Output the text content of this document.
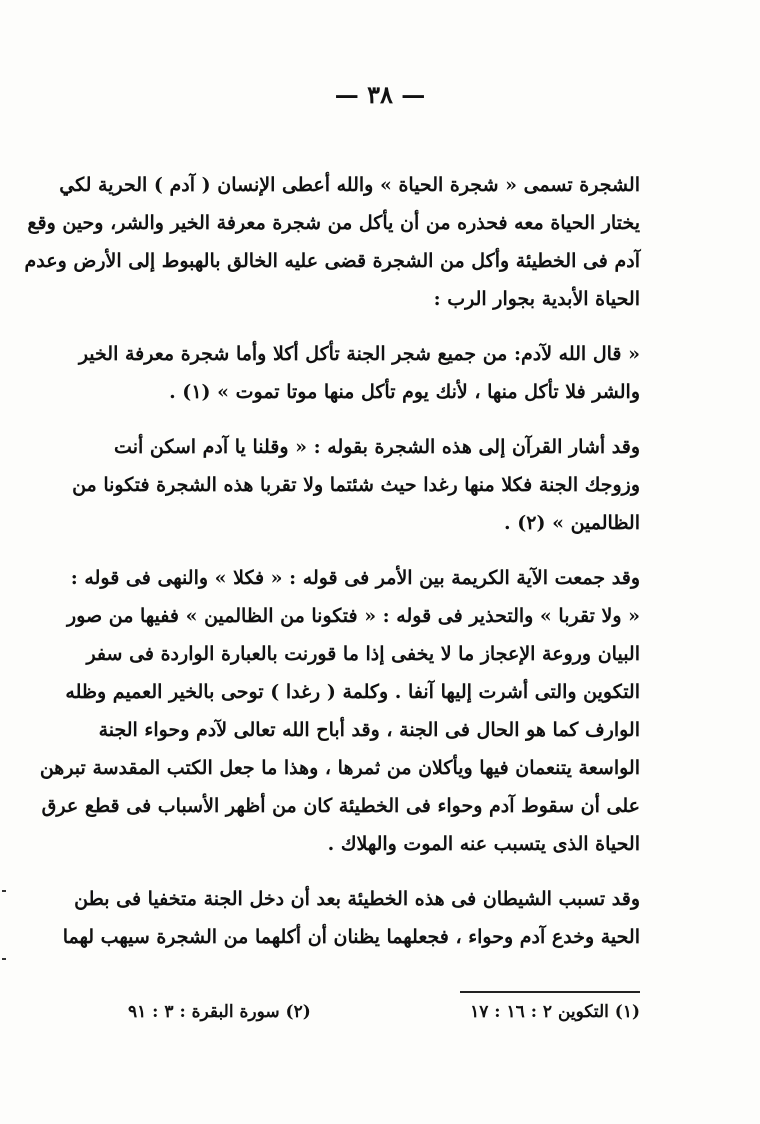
— ٣٨ —

الشجرة تسمى « شجرة الحياة » والله أعطى الإنسان ( آدم ) الحرية لكي
يختار الحياة معه فحذره من أن يأكل من شجرة معرفة الخير والشر، وحين وقع
آدم فى الخطيئة وأكل من الشجرة قضى عليه الخالق بالهبوط إلى الأرض وعدم
الحياة الأبدية بجوار الرب :

« قال الله لآدم: من جميع شجر الجنة تأكل أكلا وأما شجرة معرفة الخير
والشر فلا تأكل منها ، لأنك يوم تأكل منها موتا تموت » (١) .

وقد أشار القرآن إلى هذه الشجرة بقوله : « وقلنا يا آدم اسكن أنت
وزوجك الجنة فكلا منها رغدا حيث شئتما ولا تقربا هذه الشجرة فتكونا من
الظالمين » (٢) .

وقد جمعت الآية الكريمة بين الأمر فى قوله : « فكلا » والنهى فى قوله :
« ولا تقربا » والتحذير فى قوله : « فتكونا من الظالمين » ففيها من صور
البيان وروعة الإعجاز ما لا يخفى إذا ما قورنت بالعبارة الواردة فى سفر
التكوين والتى أشرت إليها آنفا . وكلمة ( رغدا ) توحى بالخير العميم وظله
الوارف كما هو الحال فى الجنة ، وقد أباح الله تعالى لآدم وحواء الجنة
الواسعة يتنعمان فيها ويأكلان من ثمرها ، وهذا ما جعل الكتب المقدسة تبرهن
على أن سقوط آدم وحواء فى الخطيئة كان من أظهر الأسباب فى قطع عرق
الحياة الذى يتسبب عنه الموت والهلاك .

وقد تسبب الشيطان فى هذه الخطيئة بعد أن دخل الجنة متخفيا فى بطن
الحية وخدع آدم وحواء ، فجعلهما يظنان أن أكلهما من الشجرة سيهب لهما

(١) التكوين ٢ : ١٦ : ١٧
(٢) سورة البقرة : ٣ : ٩١
